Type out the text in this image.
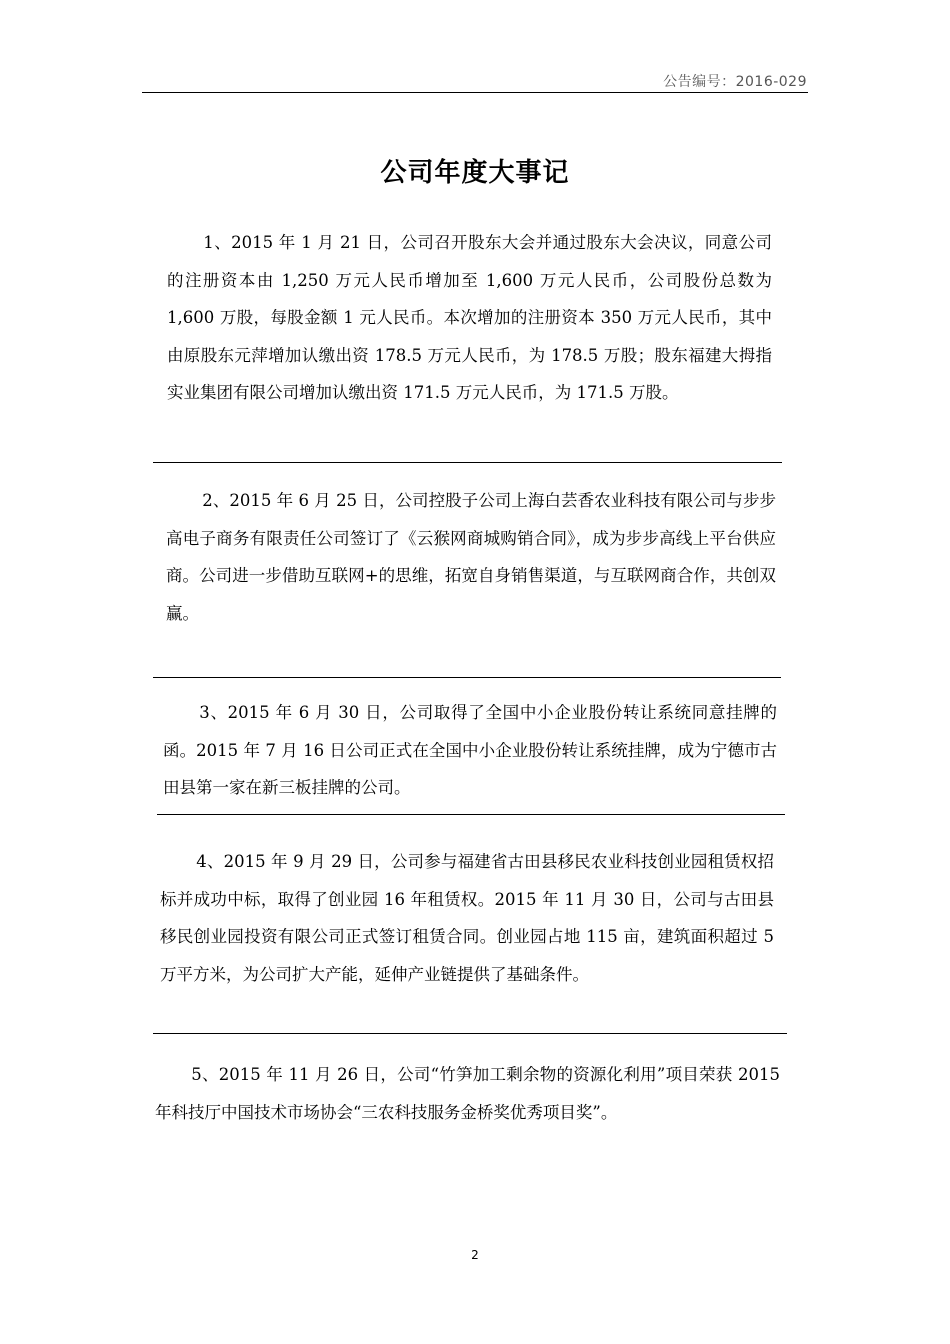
公告编号：2016-029
公司年度大事记

1、2015 年 1 月 21 日，公司召开股东大会并通过股东大会决议，同意公司的注册资本由 1,250 万元人民币增加至 1,600 万元人民币，公司股份总数为 1,600 万股，每股金额 1 元人民币。本次增加的注册资本 350 万元人民币，其中由原股东元萍增加认缴出资 178.5 万元人民币，为 178.5 万股；股东福建大拇指实业集团有限公司增加认缴出资 171.5 万元人民币，为 171.5 万股。

2、2015 年 6 月 25 日，公司控股子公司上海白芸香农业科技有限公司与步步高电子商务有限责任公司签订了《云猴网商城购销合同》，成为步步高线上平台供应商。公司进一步借助互联网+的思维，拓宽自身销售渠道，与互联网商合作，共创双赢。

3、2015 年 6 月 30 日，公司取得了全国中小企业股份转让系统同意挂牌的函。2015 年 7 月 16 日公司正式在全国中小企业股份转让系统挂牌，成为宁德市古田县第一家在新三板挂牌的公司。

4、2015 年 9 月 29 日，公司参与福建省古田县移民农业科技创业园租赁权招标并成功中标，取得了创业园 16 年租赁权。2015 年 11 月 30 日，公司与古田县移民创业园投资有限公司正式签订租赁合同。创业园占地 115 亩，建筑面积超过 5 万平方米，为公司扩大产能，延伸产业链提供了基础条件。

5、2015 年 11 月 26 日，公司“竹笋加工剩余物的资源化利用”项目荣获 2015 年科技厅中国技术市场协会“三农科技服务金桥奖优秀项目奖”。

2
